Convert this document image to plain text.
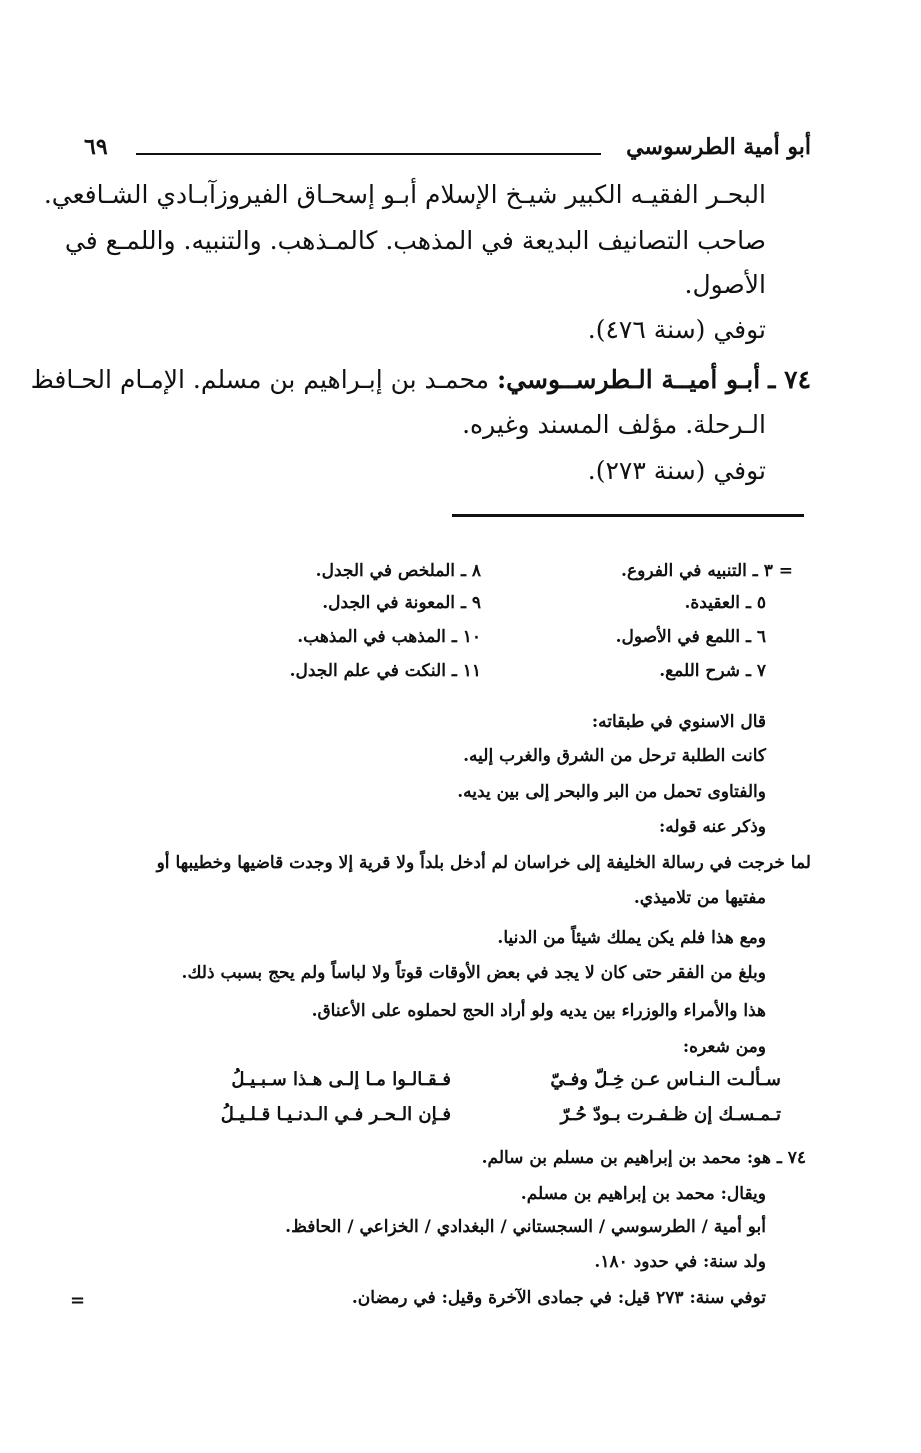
أبو أمية الطرسوسي
٦٩
البحـر الفقيـه الكبير شيـخ الإسلام أبـو إسحـاق الفيروزآبـادي الشـافعي.
صاحب التصانيف البديعة في المذهب. كالمـذهب. والتنبيه. واللمـع في
الأصول.
توفي (سنة ٤٧٦).
٧٤ ـ أبـو أميــة الـطرســوسي: محمـد بن إبـراهيم بن مسلم. الإمـام الحـافظ
الـرحلة. مؤلف المسند وغيره.
توفي (سنة ٢٧٣).
= ٣ ـ التنبيه في الفروع.
٥ ـ العقيدة.
٦ ـ اللمع في الأصول.
٧ ـ شرح اللمع.
٨ ـ الملخص في الجدل.
٩ ـ المعونة في الجدل.
١٠ ـ المذهب في المذهب.
١١ ـ النكت في علم الجدل.
قال الاسنوي في طبقاته:
كانت الطلبة ترحل من الشرق والغرب إليه.
والفتاوى تحمل من البر والبحر إلى بين يديه.
وذكر عنه قوله:
لما خرجت في رسالة الخليفة إلى خراسان لم أدخل بلداً ولا قرية إلا وجدت قاضيها وخطيبها أو
مفتيها من تلاميذي.
ومع هذا فلم يكن يملك شيئاً من الدنيا.
وبلغ من الفقر حتى كان لا يجد في بعض الأوقات قوتاً ولا لباساً ولم يحج بسبب ذلك.
هذا والأمراء والوزراء بين يديه ولو أراد الحج لحملوه على الأعناق.
ومن شعره:
سـألـت الـنـاس عـن خِـلّ وفـيّ
فـقـالـوا مـا إلـى هـذا سـبـيـلُ
تـمـسـك إن ظـفـرت بـودّ حُـرّ
فـإن الـحـر فـي الـدنـيـا قـلـيـلُ
٧٤ ـ هو: محمد بن إبراهيم بن مسلم بن سالم.
ويقال: محمد بن إبراهيم بن مسلم.
أبو أمية / الطرسوسي / السجستاني / البغدادي / الخزاعي / الحافظ.
ولد سنة: في حدود ١٨٠.
توفي سنة: ٢٧٣ قيل: في جمادى الآخرة وقيل: في رمضان.
=
